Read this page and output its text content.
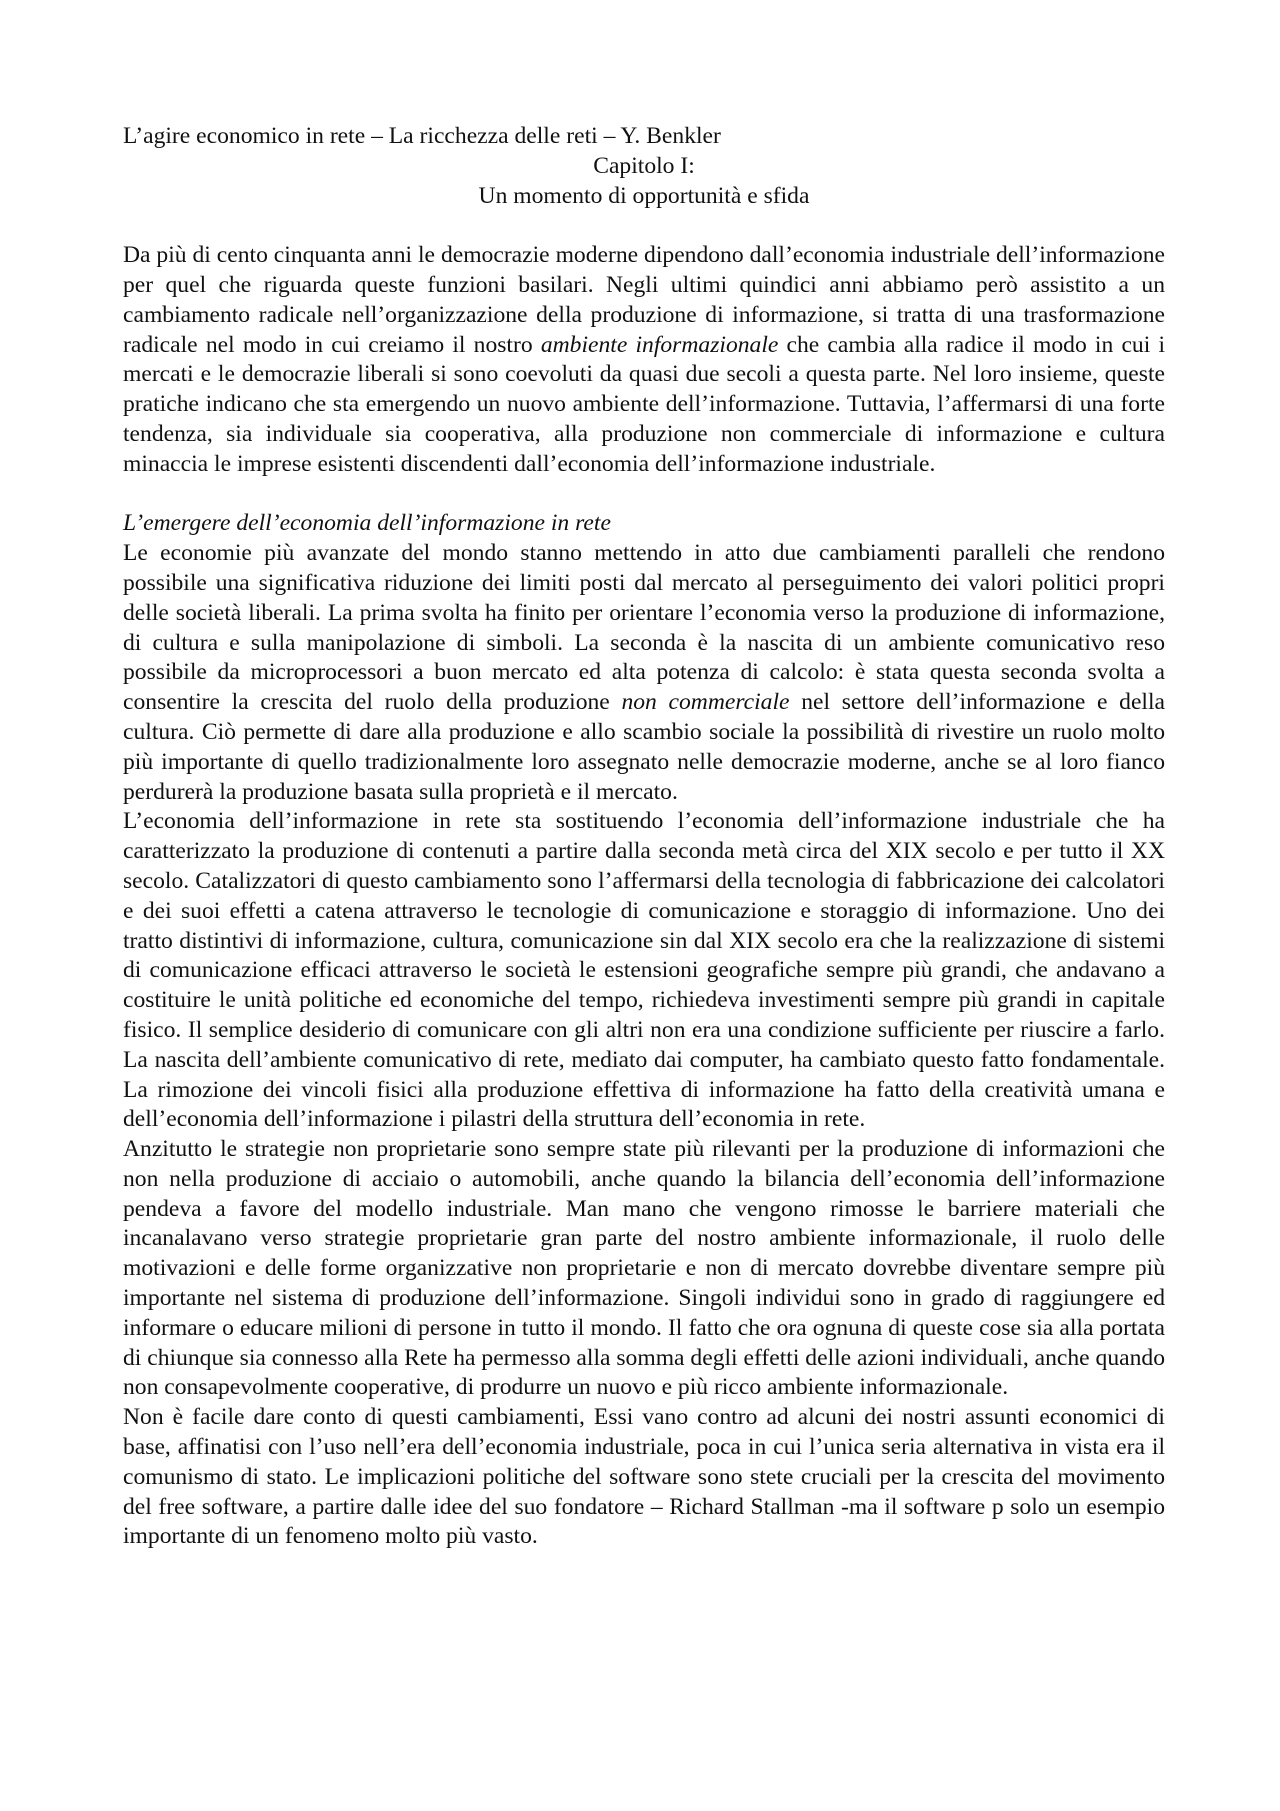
L’agire economico in rete – La ricchezza delle reti – Y. Benkler

Capitolo I:

Un momento di opportunità e sfida

Da più di cento cinquanta anni le democrazie moderne dipendono dall’economia industriale dell’informazione per quel che riguarda queste funzioni basilari. Negli ultimi quindici anni abbiamo però assistito a un cambiamento radicale nell’organizzazione della produzione di informazione, si tratta di una trasformazione radicale nel modo in cui creiamo il nostro ambiente informazionale che cambia alla radice il modo in cui i mercati e le democrazie liberali si sono coevoluti da quasi due secoli a questa parte. Nel loro insieme, queste pratiche indicano che sta emergendo un nuovo ambiente dell’informazione. Tuttavia, l’affermarsi di una forte tendenza, sia individuale sia cooperativa, alla produzione non commerciale di informazione e cultura minaccia le imprese esistenti discendenti dall’economia dell’informazione industriale.

L’emergere dell’economia dell’informazione in rete

Le economie più avanzate del mondo stanno mettendo in atto due cambiamenti paralleli che rendono possibile una significativa riduzione dei limiti posti dal mercato al perseguimento dei valori politici propri delle società liberali. La prima svolta ha finito per orientare l’economia verso la produzione di informazione, di cultura e sulla manipolazione di simboli. La seconda è la nascita di un ambiente comunicativo reso possibile da microprocessori a buon mercato ed alta potenza di calcolo: è stata questa seconda svolta a consentire la crescita del ruolo della produzione non commerciale nel settore dell’informazione e della cultura. Ciò permette di dare alla produzione e allo scambio sociale la possibilità di rivestire un ruolo molto più importante di quello tradizionalmente loro assegnato nelle democrazie moderne, anche se al loro fianco perdurerà la produzione basata sulla proprietà e il mercato.

L’economia dell’informazione in rete sta sostituendo l’economia dell’informazione industriale che ha caratterizzato la produzione di contenuti a partire dalla seconda metà circa del XIX secolo e per tutto il XX secolo. Catalizzatori di questo cambiamento sono l’affermarsi della tecnologia di fabbricazione dei calcolatori e dei suoi effetti a catena attraverso le tecnologie di comunicazione e storaggio di informazione. Uno dei tratto distintivi di informazione, cultura, comunicazione sin dal XIX secolo era che la realizzazione di sistemi di comunicazione efficaci attraverso le società le estensioni geografiche sempre più grandi, che andavano a costituire le unità politiche ed economiche del tempo, richiedeva investimenti sempre più grandi in capitale fisico. Il semplice desiderio di comunicare con gli altri non era una condizione sufficiente per riuscire a farlo. La nascita dell’ambiente comunicativo di rete, mediato dai computer, ha cambiato questo fatto fondamentale. La rimozione dei vincoli fisici alla produzione effettiva di informazione ha fatto della creatività umana e dell’economia dell’informazione i pilastri della struttura dell’economia in rete.

Anzitutto le strategie non proprietarie sono sempre state più rilevanti per la produzione di informazioni che non nella produzione di acciaio o automobili, anche quando la bilancia dell’economia dell’informazione pendeva a favore del modello industriale. Man mano che vengono rimosse le barriere materiali che incanalavano verso strategie proprietarie gran parte del nostro ambiente informazionale, il ruolo delle motivazioni e delle forme organizzative non proprietarie e non di mercato dovrebbe diventare sempre più importante nel sistema di produzione dell’informazione. Singoli individui sono in grado di raggiungere ed informare o educare milioni di persone in tutto il mondo. Il fatto che ora ognuna di queste cose sia alla portata di chiunque sia connesso alla Rete ha permesso alla somma degli effetti delle azioni individuali, anche quando non consapevolmente cooperative, di produrre un nuovo e più ricco ambiente informazionale.

Non è facile dare conto di questi cambiamenti, Essi vano contro ad alcuni dei nostri assunti economici di base, affinatisi con l’uso nell’era dell’economia industriale, poca in cui l’unica seria alternativa in vista era il comunismo di stato. Le implicazioni politiche del software sono stete cruciali per la crescita del movimento del free software, a partire dalle idee del suo fondatore – Richard Stallman -ma il software p solo un esempio importante di un fenomeno molto più vasto.
